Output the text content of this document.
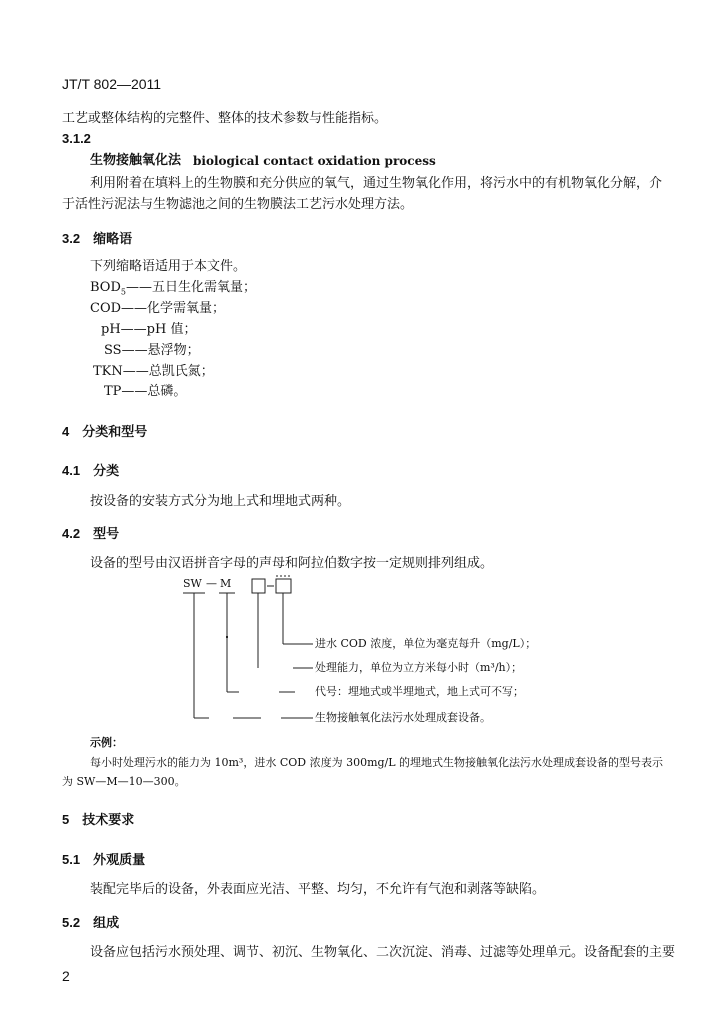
JT/T 802—2011
工艺或整体结构的完整件、整体的技术参数与性能指标。
3.1.2
生物接触氧化法 biological contact oxidation process
利用附着在填料上的生物膜和充分供应的氧气，通过生物氧化作用，将污水中的有机物氧化分解，介
于活性污泥法与生物滤池之间的生物膜法工艺污水处理方法。
3.2　缩略语
下列缩略语适用于本文件。
$BOD_5——$五日生化需氧量；
COD——化学需氧量；
pH——pH 值；
SS——悬浮物；
TKN——总凯氏氮；
TP——总磷。
4　分类和型号
4.1　分类
按设备的安装方式分为地上式和埋地式两种。
4.2　型号
设备的型号由汉语拼音字母的声母和阿拉伯数字按一定规则排列组成。
SW — M
进水 COD 浓度，单位为毫克每升（mg/L）；
处理能力，单位为立方米每小时（m³/h）；
代号：埋地式或半埋地式，地上式可不写；
生物接触氧化法污水处理成套设备。
示例：
每小时处理污水的能力为 10m³，进水 COD 浓度为 300mg/L 的埋地式生物接触氧化法污水处理成套设备的型号表示
为 SW—M—10—300。
5　技术要求
5.1　外观质量
装配完毕后的设备，外表面应光洁、平整、均匀，不允许有气泡和剥落等缺陷。
5.2　组成
设备应包括污水预处理、调节、初沉、生物氧化、二次沉淀、消毒、过滤等处理单元。设备配套的主要
2
